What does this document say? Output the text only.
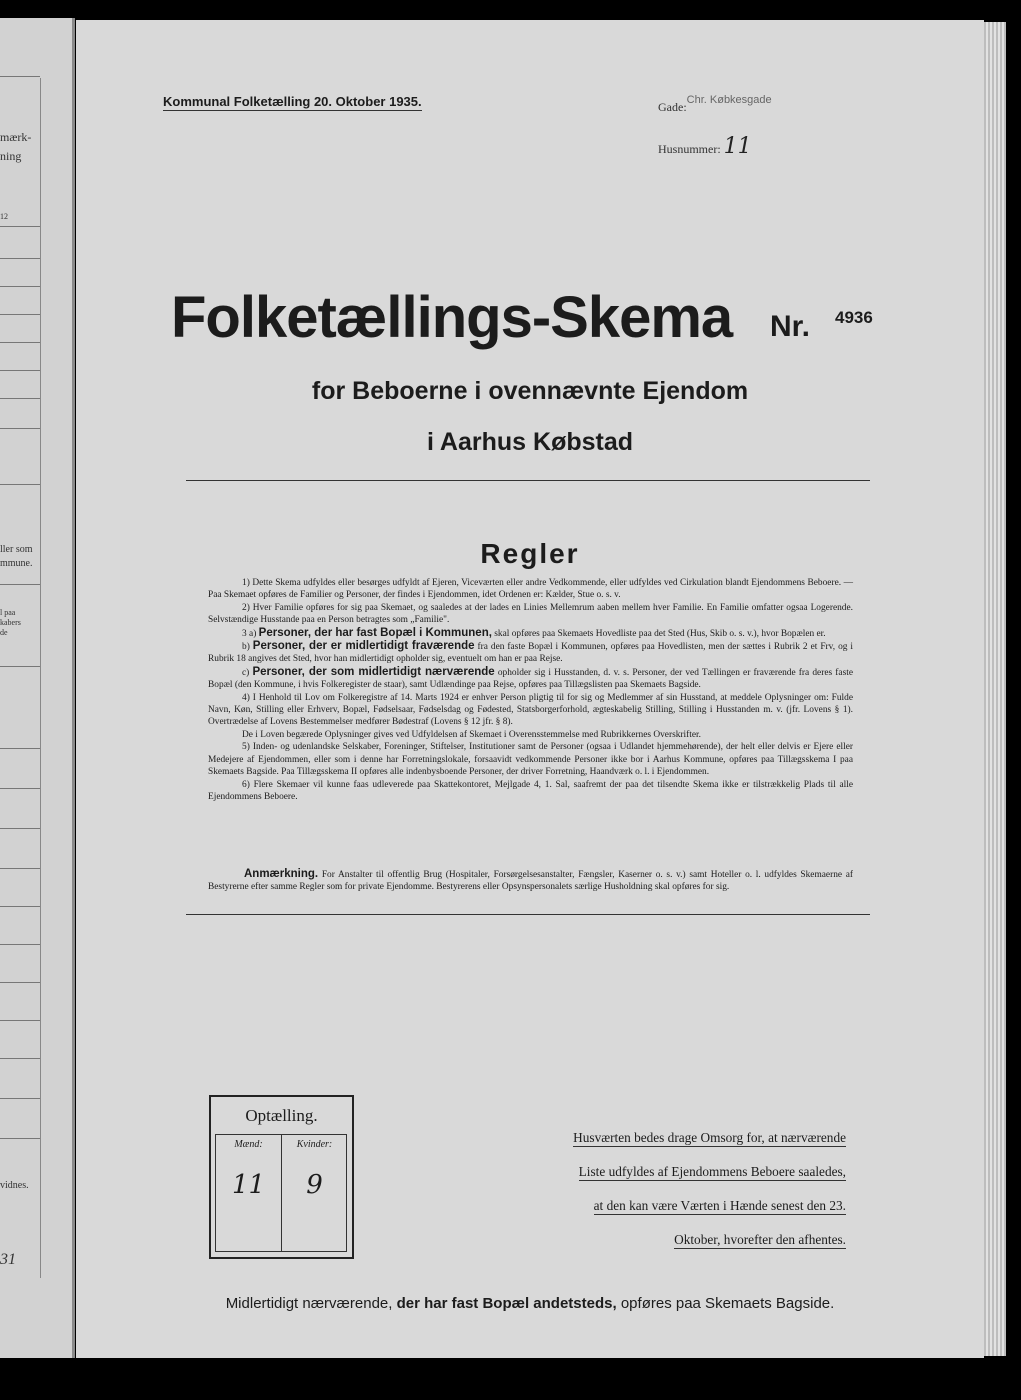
mærk-
ning
12
ller som
mmune.
l paa
kabers
de
vidnes.
31
Kommunal Folketælling 20. Oktober 1935.	Gade:Chr. Købkesgade
Husnummer: 11
Folketællings-Skema Nr. 4936
for Beboerne i ovennævnte Ejendom
i Aarhus Købstad
Regler

1) Dette Skema udfyldes eller besørges udfyldt af Ejeren, Viceværten eller andre Vedkommende, eller udfyldes ved Cirkulation blandt Ejendommens Beboere. — Paa Skemaet opføres de Familier og Personer, der findes i Ejendommen, idet Ordenen er: Kælder, Stue o. s. v.

2) Hver Familie opføres for sig paa Skemaet, og saaledes at der lades en Linies Mellemrum aaben mellem hver Familie. En Familie omfatter ogsaa Logerende. Selvstændige Husstande paa en Person betragtes som „Familie".

3 a) Personer, der har fast Bopæl i Kommunen, skal opføres paa Skemaets Hovedliste paa det Sted (Hus, Skib o. s. v.), hvor Bopælen er.

b) Personer, der er midlertidigt fraværende fra den faste Bopæl i Kommunen, opføres paa Hovedlisten, men der sættes i Rubrik 2 et Frv, og i Rubrik 18 angives det Sted, hvor han midlertidigt opholder sig, eventuelt om han er paa Rejse.

c) Personer, der som midlertidigt nærværende opholder sig i Husstanden, d. v. s. Personer, der ved Tællingen er fraværende fra deres faste Bopæl (den Kommune, i hvis Folkeregister de staar), samt Udlændinge paa Rejse, opføres paa Tillægslisten paa Skemaets Bagside.

4) I Henhold til Lov om Folkeregistre af 14. Marts 1924 er enhver Person pligtig til for sig og Medlemmer af sin Husstand, at meddele Oplysninger om: Fulde Navn, Køn, Stilling eller Erhverv, Bopæl, Fødselsaar, Fødselsdag og Fødested, Statsborgerforhold, ægteskabelig Stilling, Stilling i Husstanden m. v. (jfr. Lovens § 1). Overtrædelse af Lovens Bestemmelser medfører Bødestraf (Lovens § 12 jfr. § 8).

De i Loven begærede Oplysninger gives ved Udfyldelsen af Skemaet i Overensstemmelse med Rubrikkernes Overskrifter.

5) Inden- og udenlandske Selskaber, Foreninger, Stiftelser, Institutioner samt de Personer (ogsaa i Udlandet hjemmehørende), der helt eller delvis er Ejere eller Medejere af Ejendommen, eller som i denne har Forretningslokale, forsaavidt vedkommende Personer ikke bor i Aarhus Kommune, opføres paa Tillægsskema I paa Skemaets Bagside. Paa Tillægsskema II opføres alle indenbysboende Personer, der driver Forretning, Haandværk o. l. i Ejendommen.

6) Flere Skemaer vil kunne faas udleverede paa Skattekontoret, Mejlgade 4, 1. Sal, saafremt der paa det tilsendte Skema ikke er tilstrækkelig Plads til alle Ejendommens Beboere.

Anmærkning. For Anstalter til offentlig Brug (Hospitaler, Forsørgelsesanstalter, Fængsler, Kaserner o. s. v.) samt Hoteller o. l. udfyldes Skemaerne af Bestyrerne efter samme Regler som for private Ejendomme. Bestyrerens eller Opsynspersonalets særlige Husholdning skal opføres for sig.
Optælling.
Mænd:
11
Kvinder:
9
Husværten bedes drage Omsorg for, at nærværende
Liste udfyldes af Ejendommens Beboere saaledes,
at den kan være Værten i Hænde senest den 23.
Oktober, hvorefter den afhentes.
Midlertidigt nærværende, der har fast Bopæl andetsteds, opføres paa Skemaets Bagside.
